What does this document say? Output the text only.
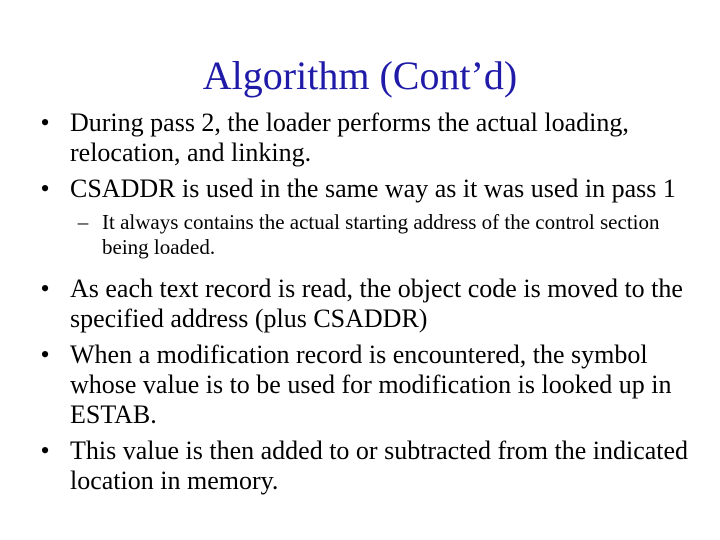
Algorithm (Cont’d)
• During pass 2, the loader performs the actual loading, relocation, and linking.
• CSADDR is used in the same way as it was used in pass 1
– It always contains the actual starting address of the control section being loaded.
• As each text record is read, the object code is moved to the specified address (plus CSADDR)
• When a modification record is encountered, the symbol whose value is to be used for modification is looked up in ESTAB.
• This value is then added to or subtracted from the indicated location in memory.
